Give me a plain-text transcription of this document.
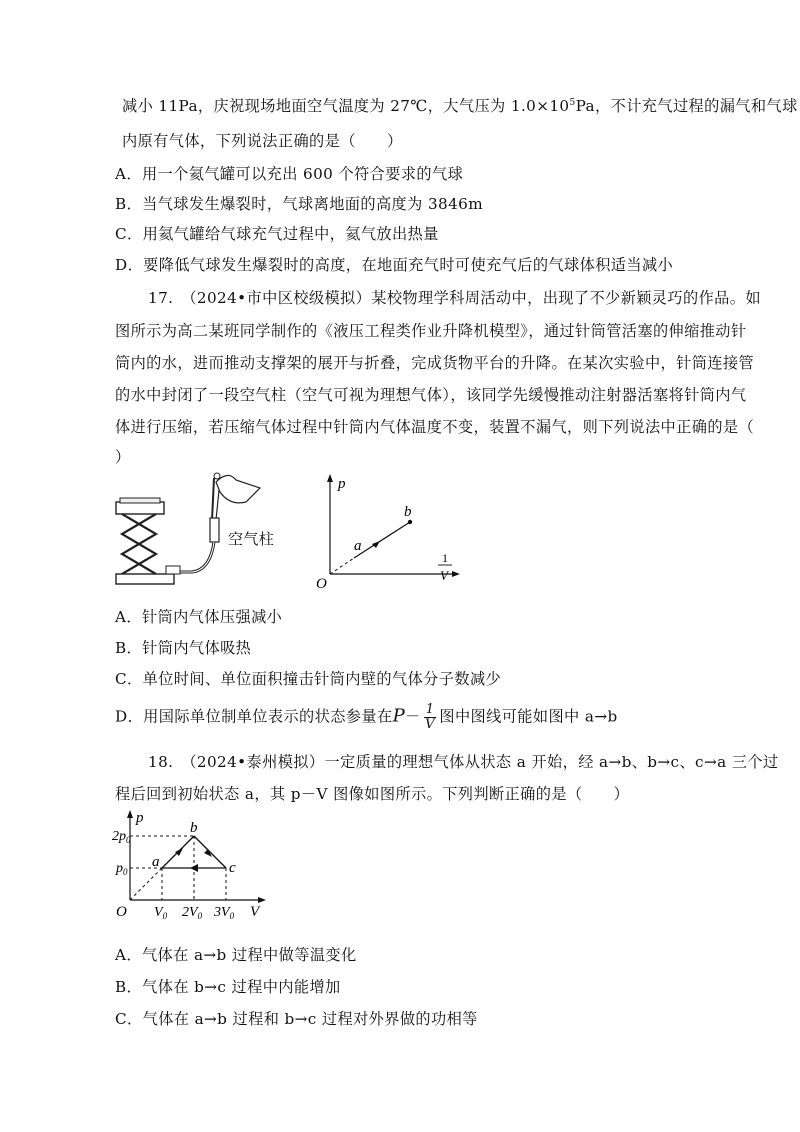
减小 11Pa，庆祝现场地面空气温度为 27℃，大气压为 $1.0\times 10^5Pa$，不计充气过程的漏气和气球
内原有气体，下列说法正确的是（　　）
A．用一个氦气罐可以充出 600 个符合要求的气球
B．当气球发生爆裂时，气球离地面的高度为 3846m
C．用氦气罐给气球充气过程中，氦气放出热量
D．要降低气球发生爆裂时的高度，在地面充气时可使充气后的气球体积适当减小
17.　（2024•市中区校级模拟）某校物理学科周活动中，出现了不少新颖灵巧的作品。如
图所示为高二某班同学制作的《液压工程类作业升降机模型》，通过针筒管活塞的伸缩推动针
筒内的水，进而推动支撑架的展开与折叠，完成货物平台的升降。在某次实验中，针筒连接管
的水中封闭了一段空气柱（空气可视为理想气体），该同学先缓慢推动注射器活塞将针筒内气
体进行压缩，若压缩气体过程中针筒内气体温度不变，装置不漏气，则下列说法中正确的是（
）
空气柱
p
O
1
V
a
b
A．针筒内气体压强减小
B．针筒内气体吸热
C．单位时间、单位面积撞击针筒内壁的气体分子数减少
D．用国际单位制单位表示的状态参量在$P- \frac{1}{V}$ 图中图线可能如图中 a→b
18.　（2024•泰州模拟）一定质量的理想气体从状态 a 开始，经 a→b、b→c、c→a 三个过
程后回到初始状态 a，其 p－V 图像如图所示。下列判断正确的是（　　）
p
V
O
$2p_0$
$p_0$
$V_0$ $2V_0$ $3V_0$
a
b
c
A．气体在 a→b 过程中做等温变化
B．气体在 b→c 过程中内能增加
C．气体在 a→b 过程和 b→c 过程对外界做的功相等
